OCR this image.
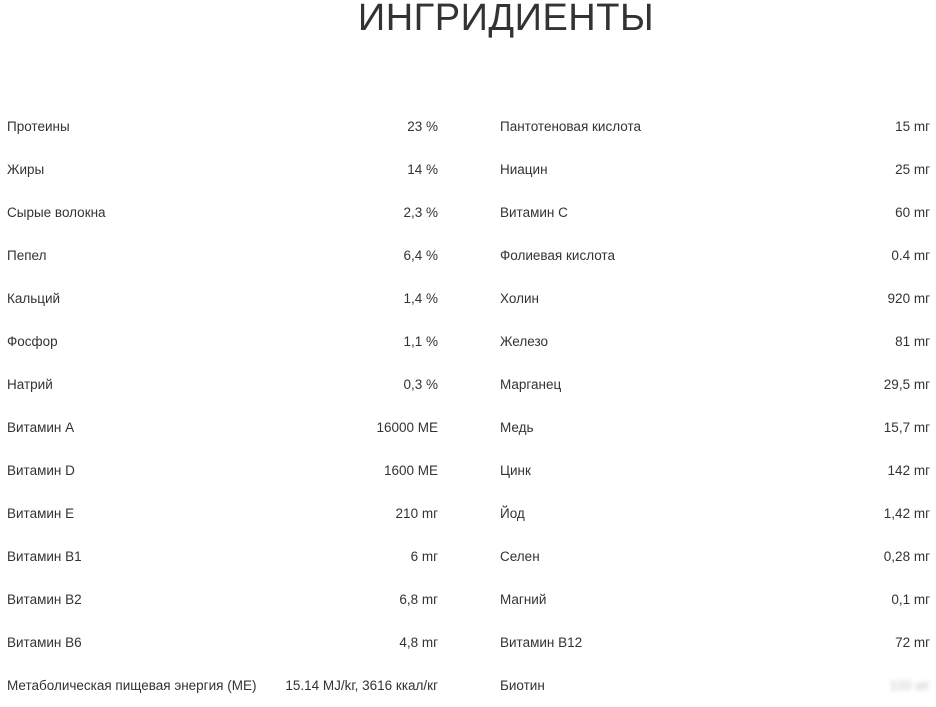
ИНГРИДИЕНТЫ
Протеины	23 %
Жиры	14 %
Сырые волокна	2,3 %
Пепел	6,4 %
Кальций	1,4 %
Фосфор	1,1 %
Натрий	0,3 %
Витамин А	16000 МЕ
Витамин D	1600 МЕ
Витамин Е	210 mг
Витамин В1	6 mг
Витамин В2	6,8 mг
Витамин В6	4,8 mг
Метаболическая пищевая энергия (МЕ) 15.14 MJ/kг, 3616 ккал/кг
Пантотеновая кислота	15 mг
Ниацин	25 mг
Витамин С	60 mг
Фолиевая кислота	0.4 mг
Холин	920 mг
Железо	81 mг
Марганец	29,5 mг
Медь	15,7 mг
Цинк	142 mг
Йод	1,42 mг
Селен	0,28 mг
Магний	0,1 mг
Витамин В12	72 mг
Биотин	100 мг
